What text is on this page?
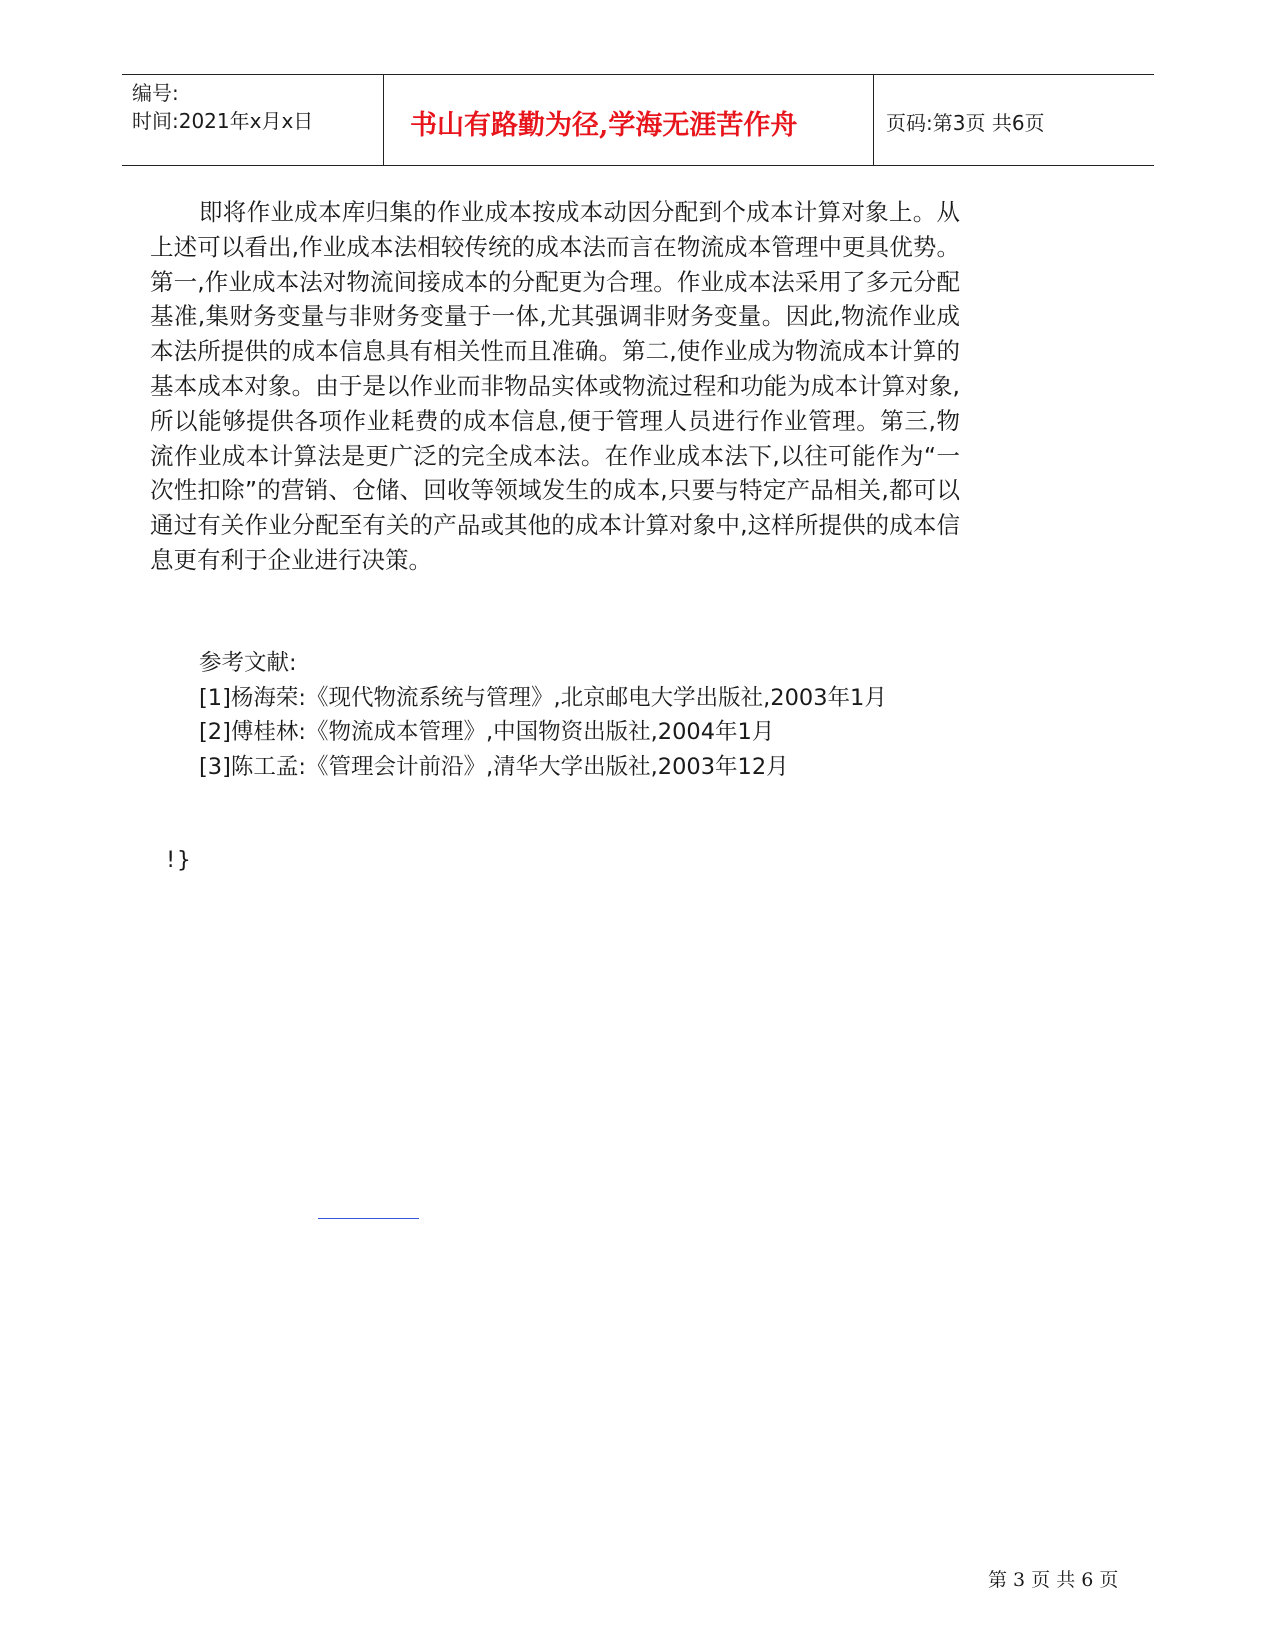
编号:
时间:2021年x月x日	书山有路勤为径,学海无涯苦作舟	页码:第3页 共6页

即将作业成本库归集的作业成本按成本动因分配到个成本计算对象上。从上述可以看出,作业成本法相较传统的成本法而言在物流成本管理中更具优势。第一,作业成本法对物流间接成本的分配更为合理。作业成本法采用了多元分配基准,集财务变量与非财务变量于一体,尤其强调非财务变量。因此,物流作业成本法所提供的成本信息具有相关性而且准确。第二,使作业成为物流成本计算的基本成本对象。由于是以作业而非物品实体或物流过程和功能为成本计算对象,所以能够提供各项作业耗费的成本信息,便于管理人员进行作业管理。第三,物流作业成本计算法是更广泛的完全成本法。在作业成本法下,以往可能作为“一次性扣除”的营销、仓储、回收等领域发生的成本,只要与特定产品相关,都可以通过有关作业分配至有关的产品或其他的成本计算对象中,这样所提供的成本信息更有利于企业进行决策。

参考文献:
[1]杨海荣:《现代物流系统与管理》,北京邮电大学出版社,2003年1月
[2]傅桂林:《物流成本管理》,中国物资出版社,2004年1月
[3]陈工孟:《管理会计前沿》,清华大学出版社,2003年12月
!}
第 3 页 共 6 页
